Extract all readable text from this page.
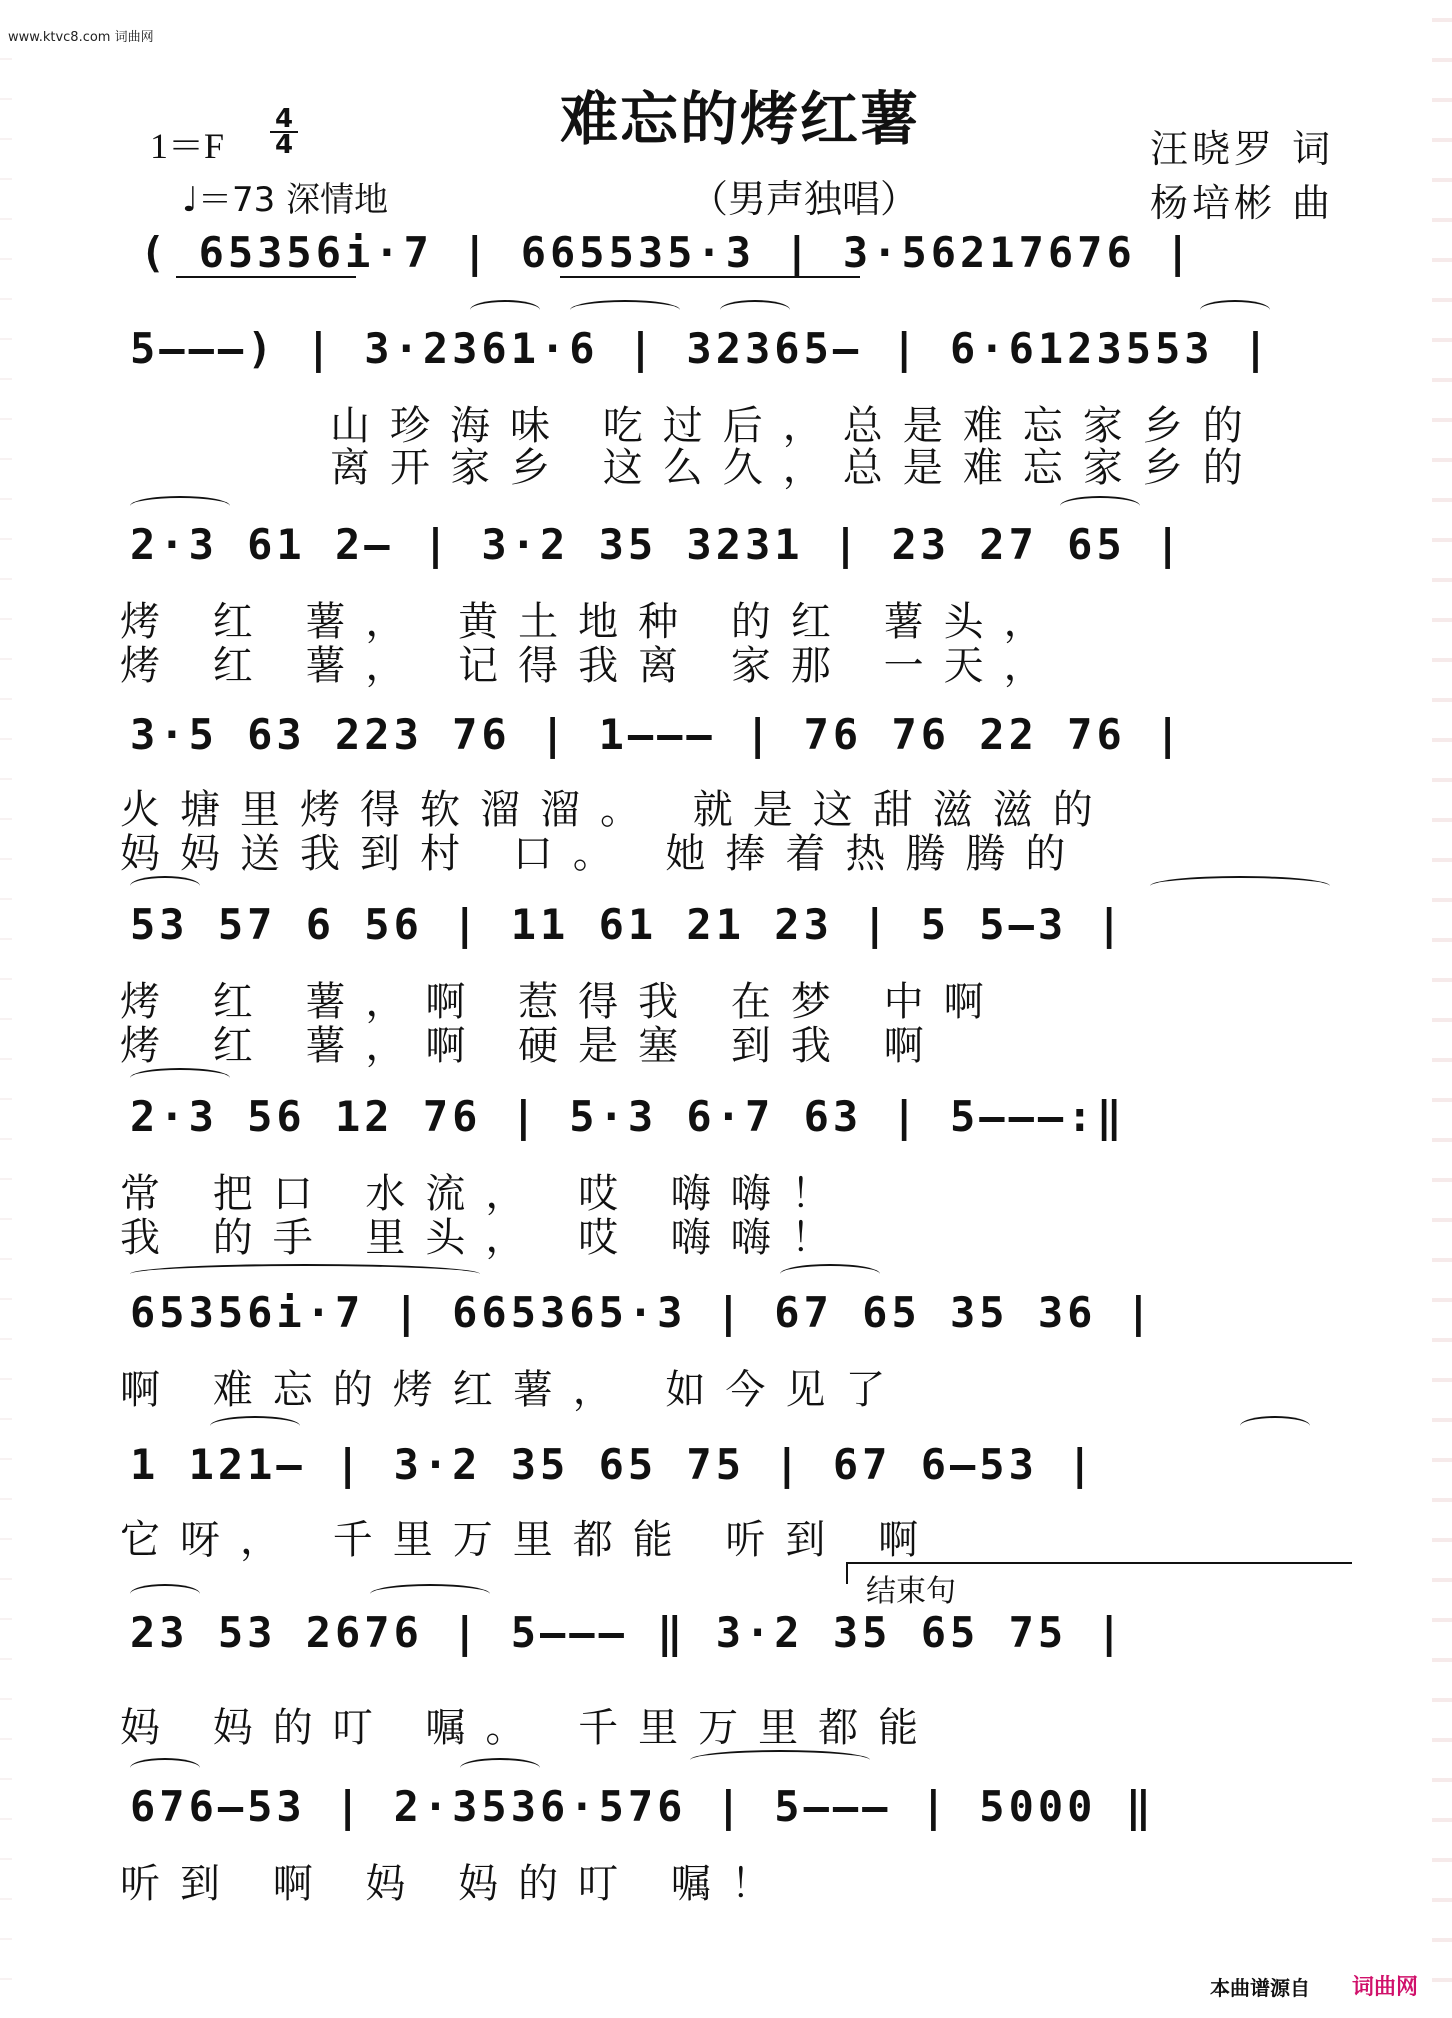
www.ktvc8.com 词曲网
难忘的烤红薯
（男声独唱）
1＝F
4
4
♩＝73 深情地
汪晓罗 词
杨培彬 曲
( 65356i·7 | 665535·3 | 3·56217676 |
5–––) | 3·2361·6 | 32365– | 6·6123553 |
山珍海味 吃过后，总是难忘家乡的
离开家乡 这么久，总是难忘家乡的
2·3 61 2– | 3·2 35 3231 | 23 27 65 |
烤 红 薯， 黄土地种 的红 薯头，
烤 红 薯， 记得我离 家那 一天，
3·5 63 223 76 | 1––– | 76 76 22 76 |
火塘里烤得软溜溜。 就是这甜滋滋的
妈妈送我到村 口。 她捧着热腾腾的
53 57 6 56 | 11 61 21 23 | 5 5–3 |
烤 红 薯，啊 惹得我 在梦 中啊
烤 红 薯，啊 硬是塞 到我 啊
2·3 56 12 76 | 5·3 6·7 63 | 5–––:‖
常 把口 水流， 哎 嗨嗨！
我 的手 里头， 哎 嗨嗨！
65356i·7 | 665365·3 | 67 65 35 36 |
啊 难忘的烤红薯， 如今见了
1 121– | 3·2 35 65 75 | 67 6–53 |
它呀， 千里万里都能 听到 啊
结束句
23 53 2676 | 5––– ‖ 3·2 35 65 75 |
妈 妈的叮 嘱。 千里万里都能
676–53 | 2·3536·576 | 5––– | 5000 ‖
听到 啊 妈 妈的叮 嘱！
本曲谱源自 词曲网
